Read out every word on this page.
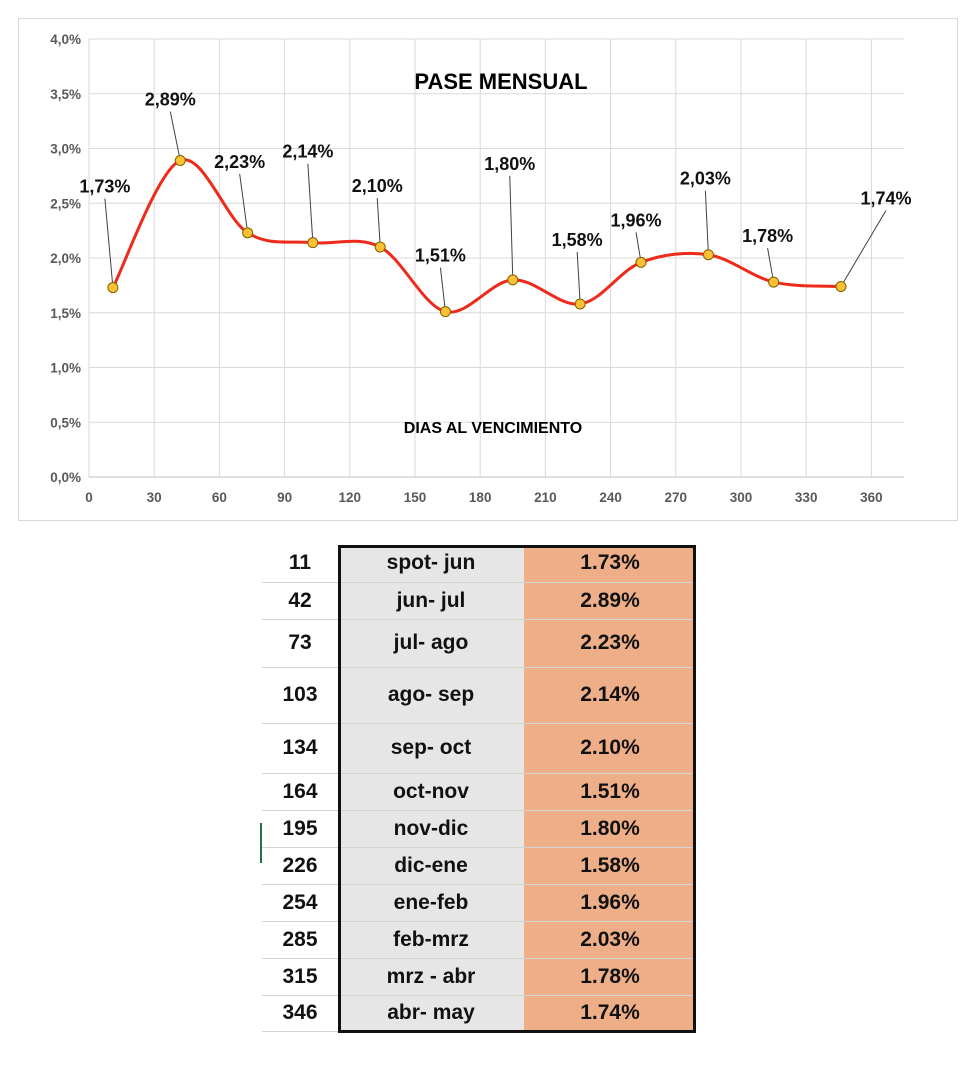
0,0%
0,5%
1,0%
1,5%
2,0%
2,5%
3,0%
3,5%
4,0%
0	30	60	90	120	150	180	210	240	270	300	330	360
PASE MENSUAL
DIAS AL VENCIMIENTO
1,73%
2,89%
2,23%
2,14%
2,10%
1,51%
1,80%
1,58%
1,96%
2,03%
1,78%
1,74%
11	spot- jun	1.73%
42	jun- jul	2.89%
73	jul- ago	2.23%
103	ago- sep	2.14%
134	sep- oct	2.10%
164	oct-nov	1.51%
195	nov-dic	1.80%
226	dic-ene	1.58%
254	ene-feb	1.96%
285	feb-mrz	2.03%
315	mrz - abr	1.78%
346	abr- may	1.74%
